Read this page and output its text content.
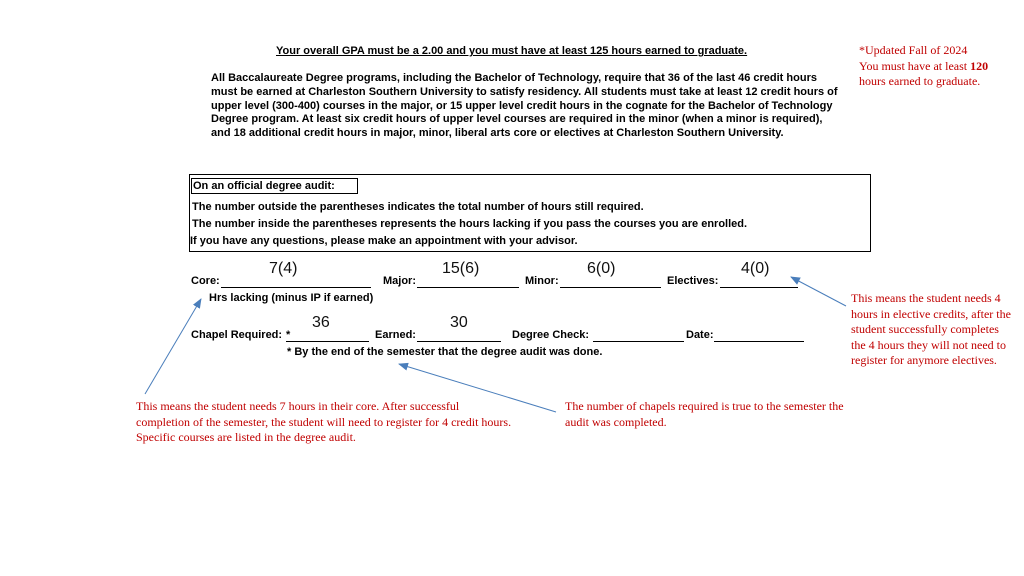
Your overall GPA must be a 2.00 and you must have at least 125 hours earned to graduate.
All Baccalaureate Degree programs, including the Bachelor of Technology, require that 36 of the last 46 credit hours must be earned at Charleston Southern University to satisfy residency. All students must take at least 12 credit hours of upper level (300-400) courses in the major, or 15 upper level credit hours in the cognate for the Bachelor of Technology Degree program. At least six credit hours of upper level courses are required in the minor (when a minor is required), and 18 additional credit hours in major, minor, liberal arts core or electives at Charleston Southern University.
*Updated Fall of 2024
You must have at least 120
hours earned to graduate.
On an official degree audit:
The number outside the parentheses indicates the total number of hours still required.
The number inside the parentheses represents the hours lacking if you pass the courses you are enrolled.
If you have any questions, please make an appointment with your advisor.
7(4)	15(6)	6(0)	4(0)
Core:	Major:	Minor:	Electives:
Hrs lacking (minus IP if earned)
36	30
Chapel Required: *	Earned:	Degree Check:	Date:
* By the end of the semester that the degree audit was done.
This means the student needs 7 hours in their core. After successful completion of the semester, the student will need to register for 4 credit hours.
Specific courses are listed in the degree audit.
The number of chapels required is true to the semester the audit was completed.
This means the student needs 4 hours in elective credits, after the student successfully completes the 4 hours they will not need to register for anymore electives.
